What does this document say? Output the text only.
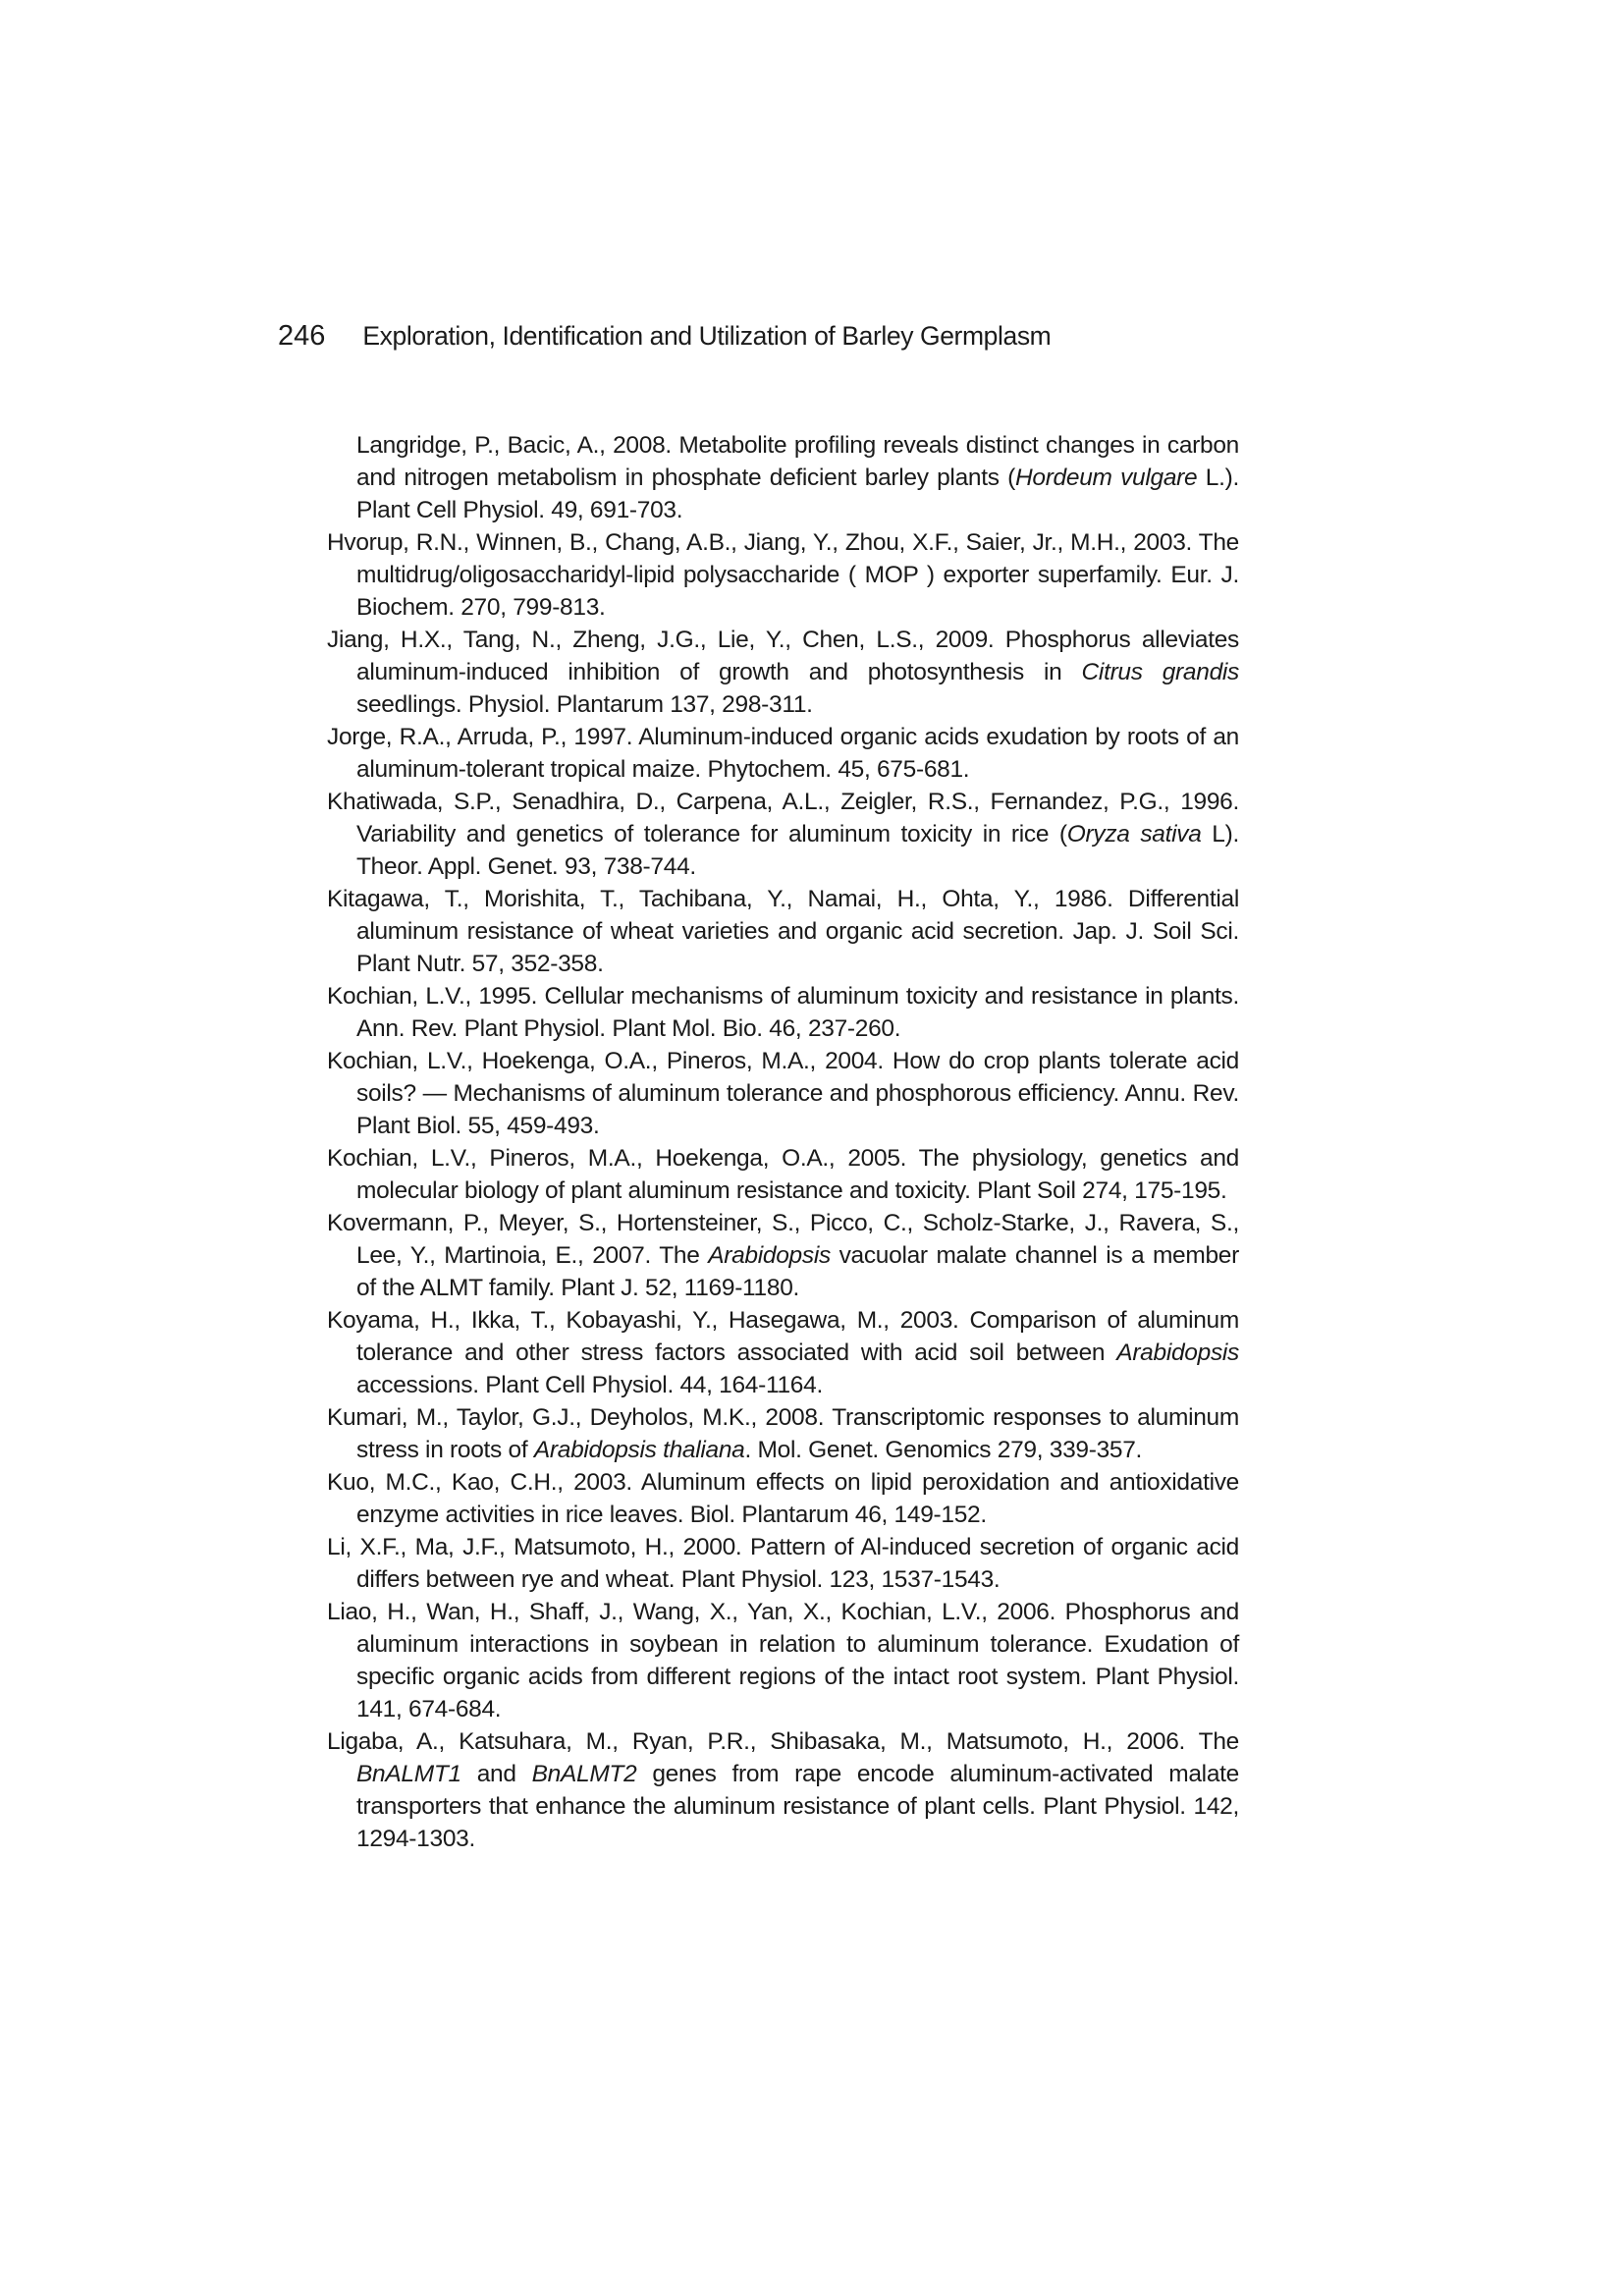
246 Exploration, Identification and Utilization of Barley Germplasm

Langridge, P., Bacic, A., 2008. Metabolite profiling reveals distinct changes in carbon and nitrogen metabolism in phosphate deficient barley plants (Hordeum vulgare L.). Plant Cell Physiol. 49, 691-703.

Hvorup, R.N., Winnen, B., Chang, A.B., Jiang, Y., Zhou, X.F., Saier, Jr., M.H., 2003. The multidrug/oligosaccharidyl-lipid polysaccharide ( MOP ) exporter superfamily. Eur. J. Biochem. 270, 799-813.

Jiang, H.X., Tang, N., Zheng, J.G., Lie, Y., Chen, L.S., 2009. Phosphorus alleviates aluminum-induced inhibition of growth and photosynthesis in Citrus grandis seedlings. Physiol. Plantarum 137, 298-311.

Jorge, R.A., Arruda, P., 1997. Aluminum-induced organic acids exudation by roots of an aluminum-tolerant tropical maize. Phytochem. 45, 675-681.

Khatiwada, S.P., Senadhira, D., Carpena, A.L., Zeigler, R.S., Fernandez, P.G., 1996. Variability and genetics of tolerance for aluminum toxicity in rice (Oryza sativa L). Theor. Appl. Genet. 93, 738-744.

Kitagawa, T., Morishita, T., Tachibana, Y., Namai, H., Ohta, Y., 1986. Differential aluminum resistance of wheat varieties and organic acid secretion. Jap. J. Soil Sci. Plant Nutr. 57, 352-358.

Kochian, L.V., 1995. Cellular mechanisms of aluminum toxicity and resistance in plants. Ann. Rev. Plant Physiol. Plant Mol. Bio. 46, 237-260.

Kochian, L.V., Hoekenga, O.A., Pineros, M.A., 2004. How do crop plants tolerate acid soils? — Mechanisms of aluminum tolerance and phosphorous efficiency. Annu. Rev. Plant Biol. 55, 459-493.

Kochian, L.V., Pineros, M.A., Hoekenga, O.A., 2005. The physiology, genetics and molecular biology of plant aluminum resistance and toxicity. Plant Soil 274, 175-195.

Kovermann, P., Meyer, S., Hortensteiner, S., Picco, C., Scholz-Starke, J., Ravera, S., Lee, Y., Martinoia, E., 2007. The Arabidopsis vacuolar malate channel is a member of the ALMT family. Plant J. 52, 1169-1180.

Koyama, H., Ikka, T., Kobayashi, Y., Hasegawa, M., 2003. Comparison of aluminum tolerance and other stress factors associated with acid soil between Arabidopsis accessions. Plant Cell Physiol. 44, 164-1164.

Kumari, M., Taylor, G.J., Deyholos, M.K., 2008. Transcriptomic responses to aluminum stress in roots of Arabidopsis thaliana. Mol. Genet. Genomics 279, 339-357.

Kuo, M.C., Kao, C.H., 2003. Aluminum effects on lipid peroxidation and antioxidative enzyme activities in rice leaves. Biol. Plantarum 46, 149-152.

Li, X.F., Ma, J.F., Matsumoto, H., 2000. Pattern of Al-induced secretion of organic acid differs between rye and wheat. Plant Physiol. 123, 1537-1543.

Liao, H., Wan, H., Shaff, J., Wang, X., Yan, X., Kochian, L.V., 2006. Phosphorus and aluminum interactions in soybean in relation to aluminum tolerance. Exudation of specific organic acids from different regions of the intact root system. Plant Physiol. 141, 674-684.

Ligaba, A., Katsuhara, M., Ryan, P.R., Shibasaka, M., Matsumoto, H., 2006. The BnALMT1 and BnALMT2 genes from rape encode aluminum-activated malate transporters that enhance the aluminum resistance of plant cells. Plant Physiol. 142, 1294-1303.
